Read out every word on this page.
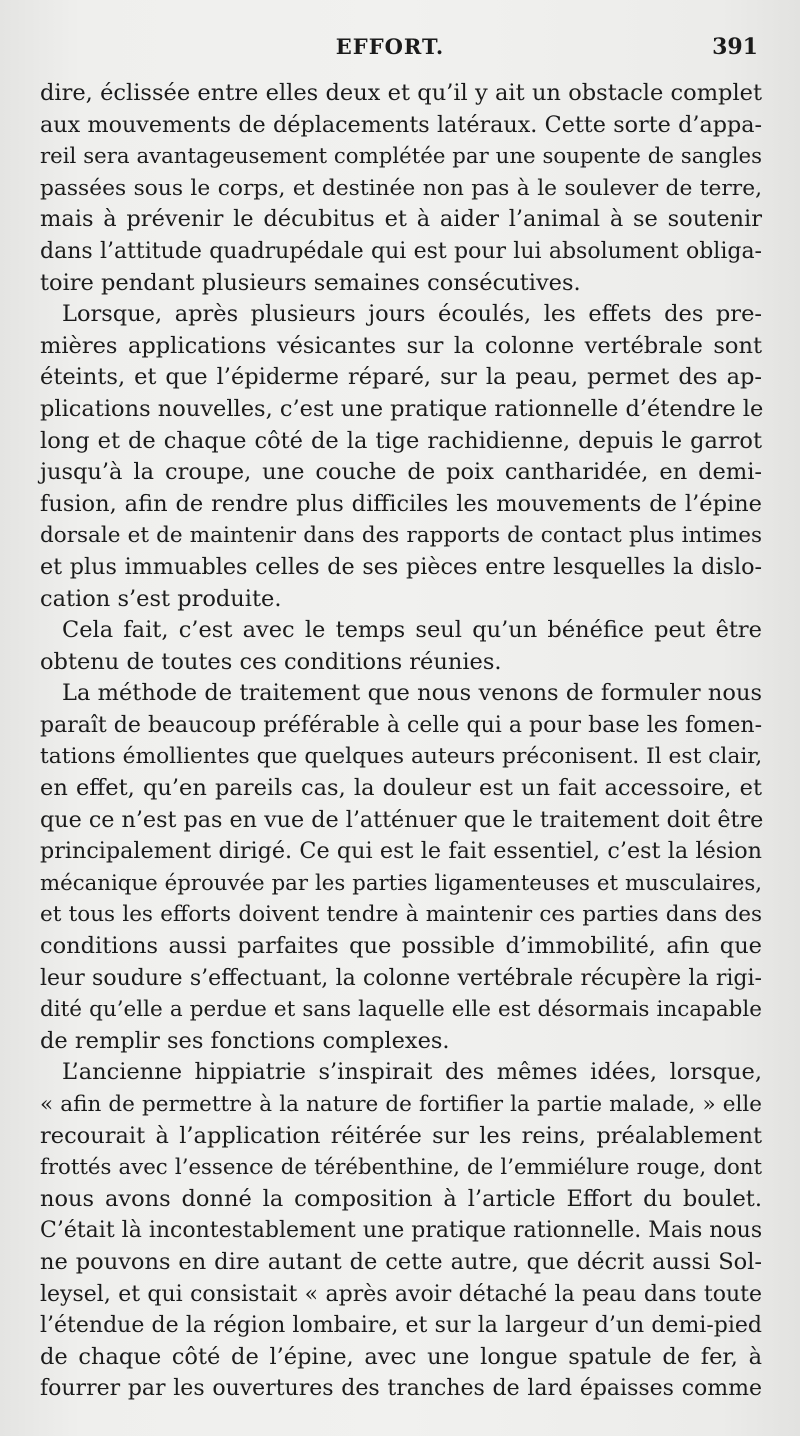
EFFORT.	391
dire, éclissée entre elles deux et qu’il y ait un obstacle complet
aux mouvements de déplacements latéraux. Cette sorte d’appa-
reil sera avantageusement complétée par une soupente de sangles
passées sous le corps, et destinée non pas à le soulever de terre,
mais à prévenir le décubitus et à aider l’animal à se soutenir
dans l’attitude quadrupédale qui est pour lui absolument obliga-
toire pendant plusieurs semaines consécutives.
Lorsque, après plusieurs jours écoulés, les effets des pre-
mières applications vésicantes sur la colonne vertébrale sont
éteints, et que l’épiderme réparé, sur la peau, permet des ap-
plications nouvelles, c’est une pratique rationnelle d’étendre le
long et de chaque côté de la tige rachidienne, depuis le garrot
jusqu’à la croupe, une couche de poix cantharidée, en demi-
fusion, afin de rendre plus difficiles les mouvements de l’épine
dorsale et de maintenir dans des rapports de contact plus intimes
et plus immuables celles de ses pièces entre lesquelles la dislo-
cation s’est produite.
Cela fait, c’est avec le temps seul qu’un bénéfice peut être
obtenu de toutes ces conditions réunies.
La méthode de traitement que nous venons de formuler nous
paraît de beaucoup préférable à celle qui a pour base les fomen-
tations émollientes que quelques auteurs préconisent. Il est clair,
en effet, qu’en pareils cas, la douleur est un fait accessoire, et
que ce n’est pas en vue de l’atténuer que le traitement doit être
principalement dirigé. Ce qui est le fait essentiel, c’est la lésion
mécanique éprouvée par les parties ligamenteuses et musculaires,
et tous les efforts doivent tendre à maintenir ces parties dans des
conditions aussi parfaites que possible d’immobilité, afin que
leur soudure s’effectuant, la colonne vertébrale récupère la rigi-
dité qu’elle a perdue et sans laquelle elle est désormais incapable
de remplir ses fonctions complexes.
L’ancienne hippiatrie s’inspirait des mêmes idées, lorsque,
« afin de permettre à la nature de fortifier la partie malade, » elle
recourait à l’application réitérée sur les reins, préalablement
frottés avec l’essence de térébenthine, de l’emmiélure rouge, dont
nous avons donné la composition à l’article Effort du boulet.
C’était là incontestablement une pratique rationnelle. Mais nous
ne pouvons en dire autant de cette autre, que décrit aussi Sol-
leysel, et qui consistait « après avoir détaché la peau dans toute
l’étendue de la région lombaire, et sur la largeur d’un demi-pied
de chaque côté de l’épine, avec une longue spatule de fer, à
fourrer par les ouvertures des tranches de lard épaisses comme
